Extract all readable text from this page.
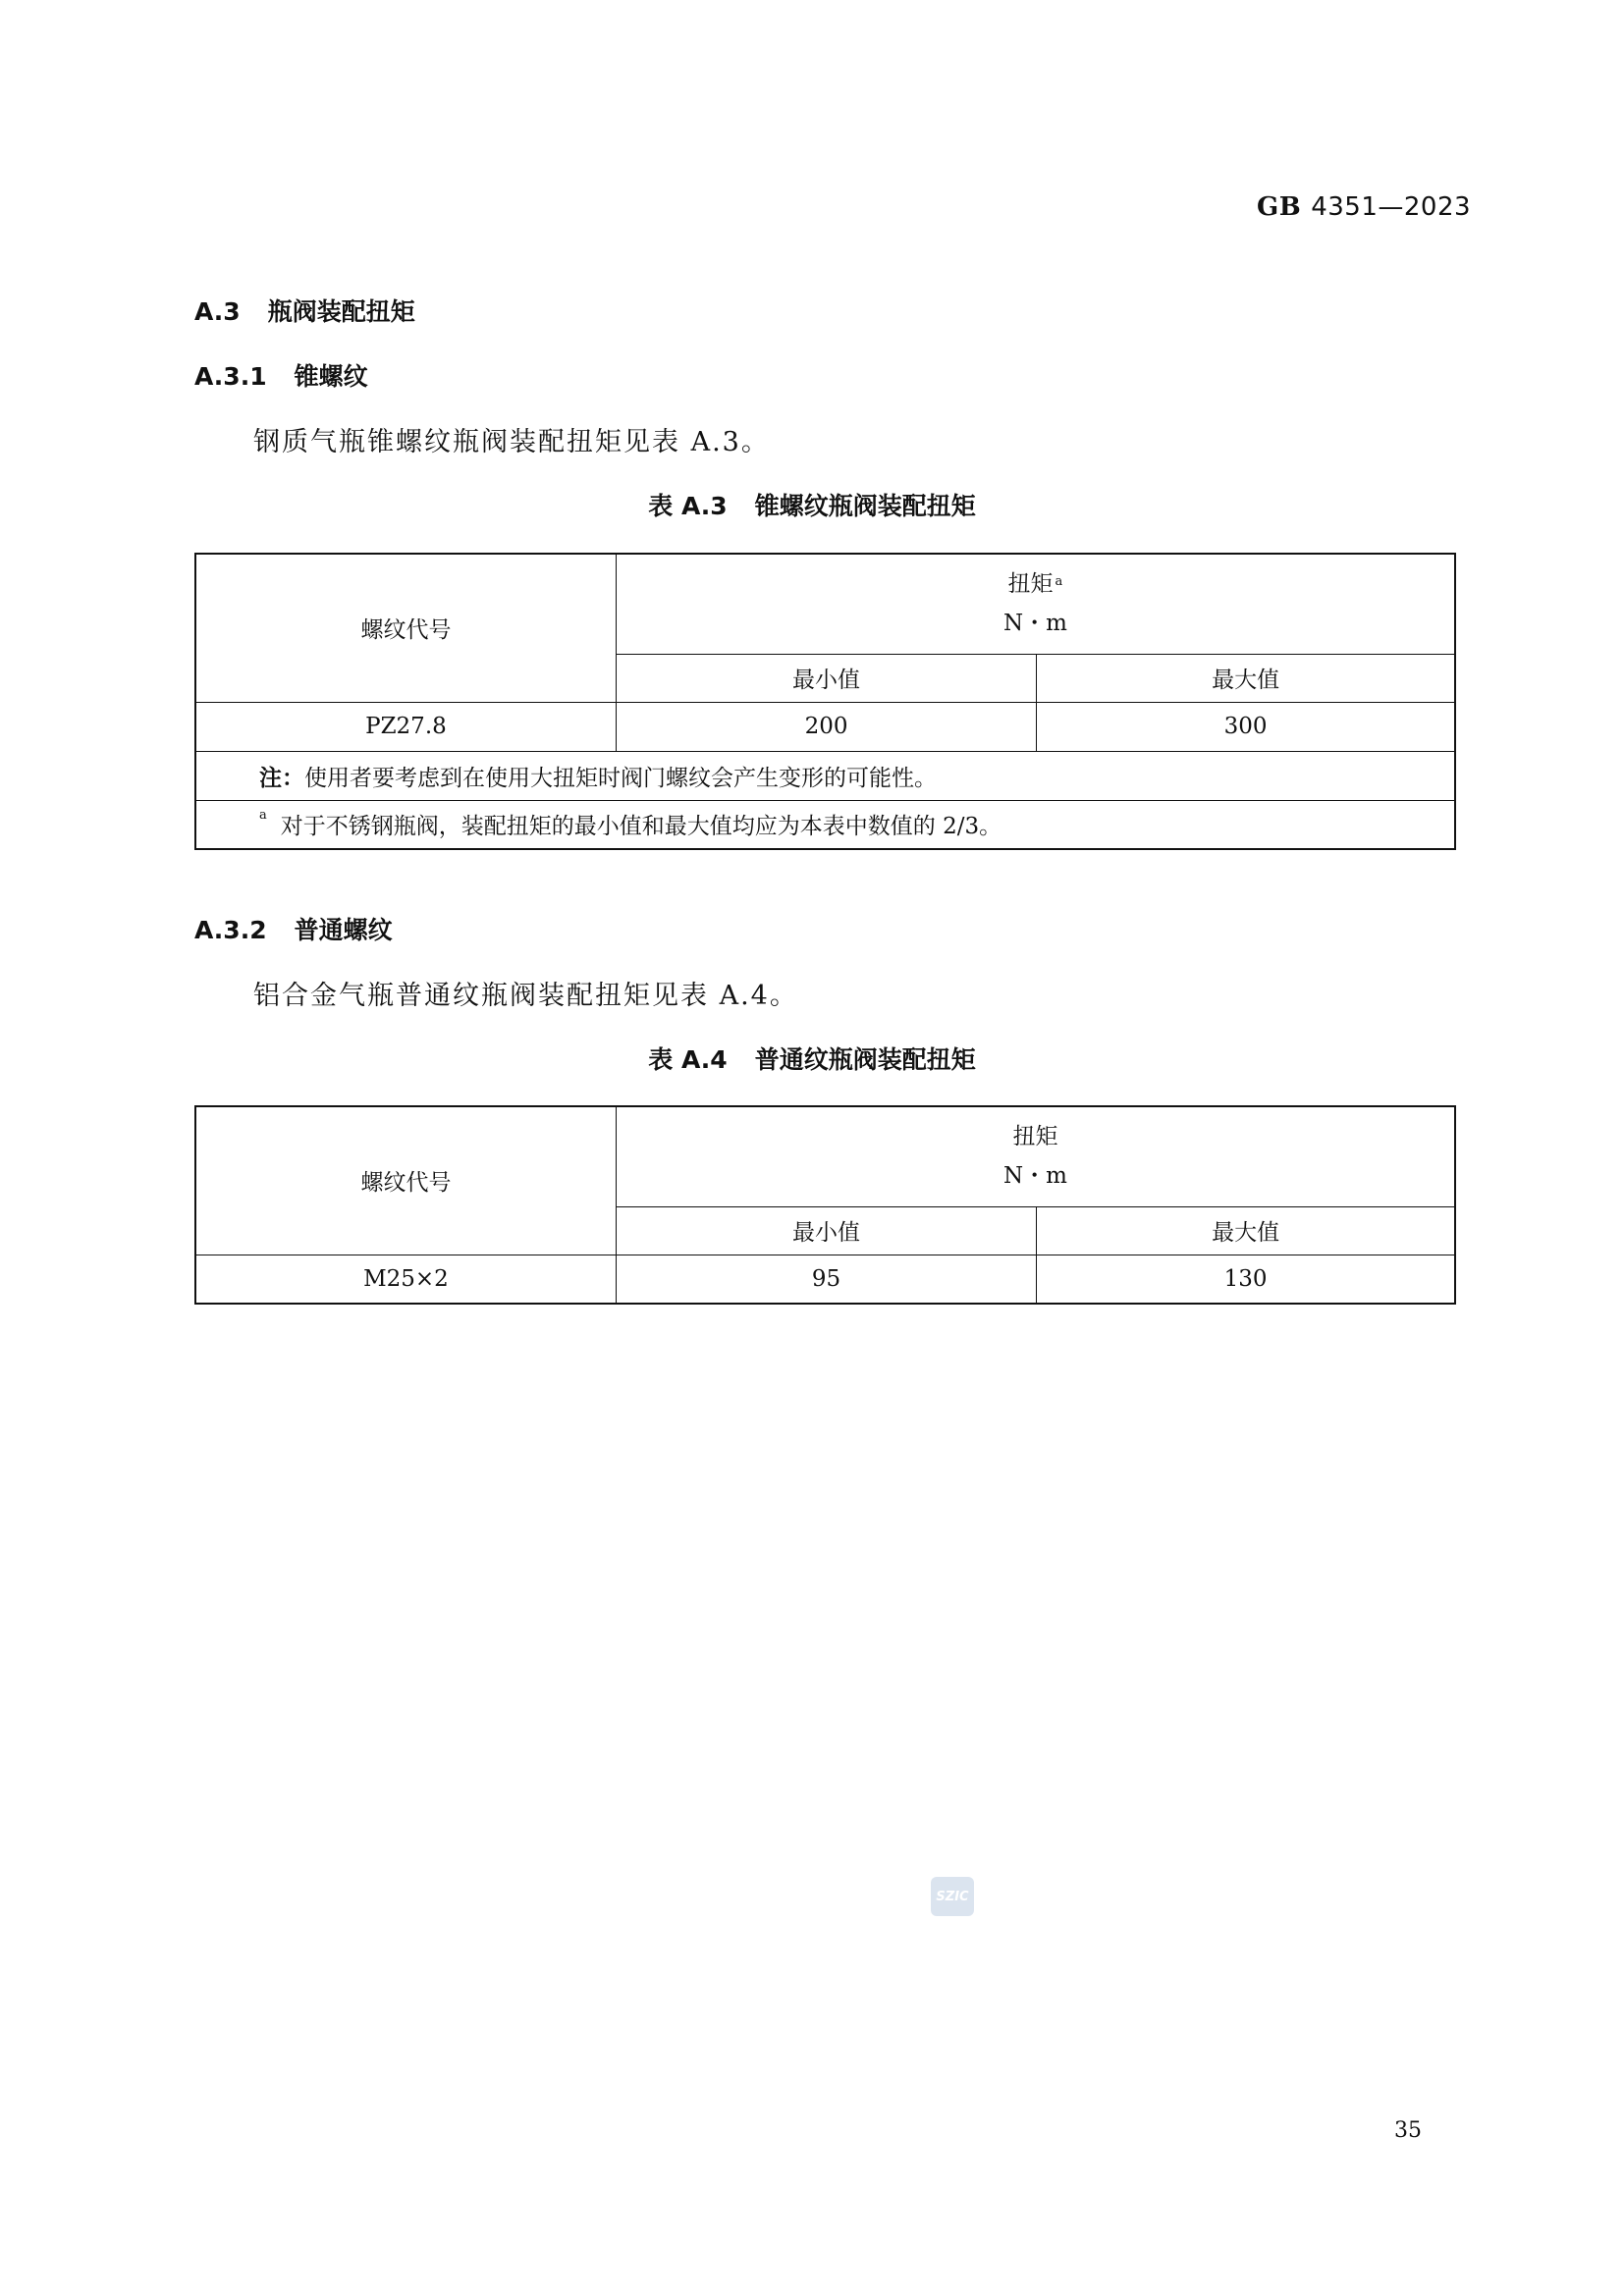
GB 4351—2023
A.3 瓶阀装配扭矩
A.3.1 锥螺纹
钢质气瓶锥螺纹瓶阀装配扭矩见表 A.3。
表 A.3 锥螺纹瓶阀装配扭矩
螺纹代号	扭矩 $^a$
N・m	
	最小值	最大值
PZ27.8	200	300
注：使用者要考虑到在使用大扭矩时阀门螺纹会产生变形的可能性。		
$^a$ 对于不锈钢瓶阀，装配扭矩的最小值和最大值均应为本表中数值的 2/3。		
A.3.2 普通螺纹
铝合金气瓶普通纹瓶阀装配扭矩见表 A.4。
表 A.4 普通纹瓶阀装配扭矩
螺纹代号	扭矩
N・m	
	最小值	最大值
M25×2	95	130
SZIC
35
